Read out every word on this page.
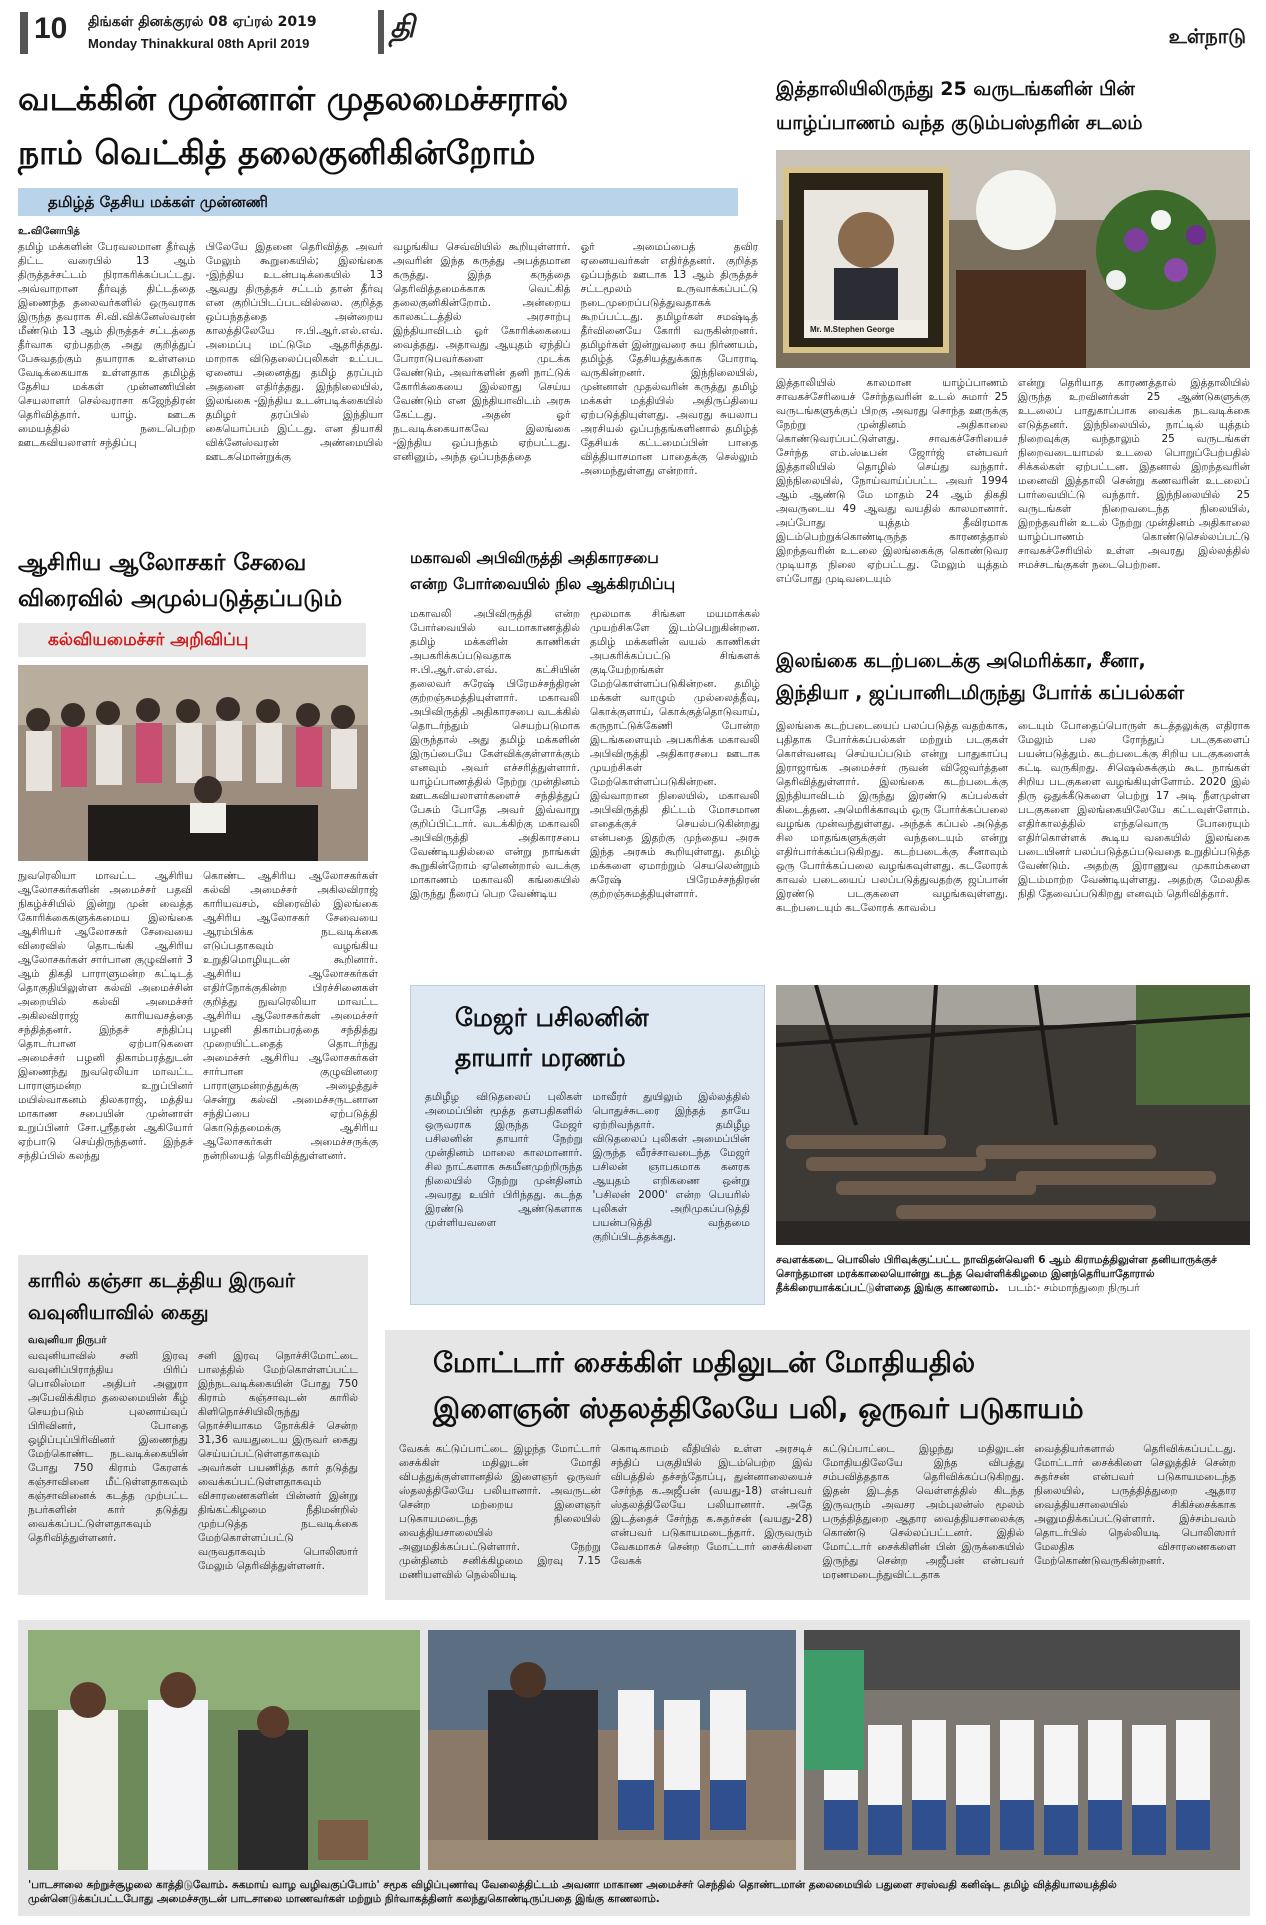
10 திங்கள் தினக்குரல் 08 ஏப்ரல் 2019
Monday Thinakkural 08th April 2019	தி	உள்நாடு
வடக்கின் முன்னாள் முதலமைச்சரால்
நாம் வெட்கித் தலைகுனிகின்றோம்
தமிழ்த் தேசிய மக்கள் முன்னணி
உ.வினோபித்
தமிழ் மக்களின் பேரவலமான தீர்வுத் திட்ட வரைபில் 13 ஆம் திருத்தச்சட்டம் நிராகரிக்கப்பட்டது. அவ்வாறான தீர்வுத் திட்டத்தை இணைந்த தலைவர்களில் ஒருவராக இருந்த தவராக சி.வி.விக்னேஸ்வரன் மீண்டும் 13 ஆம் திருத்தச் சட்டத்தை தீர்வாக ஏற்பதற்கு அது குறித்துப் பேசுவதற்கும் தயாராக உள்ளமை வேடிக்கையாக உள்ளதாக தமிழ்த் தேசிய மக்கள் முன்னணியின் செயலாளர் செல்வராசா கஜேந்திரன் தெரிவித்தார். யாழ். ஊடக மையத்தில் நடைபெற்ற ஊடகவியலாளர் சந்திப்பு
பிலேயே இதனை தெரிவித்த அவர் மேலும் கூறுகையில்; இலங்கை -இந்திய உடன்படிக்கையில் 13 ஆவது திருத்தச் சட்டம் தான் தீர்வு என குறிப்பிடப்படவில்லை. குறித்த ஒப்பந்தத்தை அன்றைய காலத்திலேயே ஈ.பி.ஆர்.எல்.எவ். அமைப்பு மட்டுமே ஆதரித்தது. மாறாக விடுதலைப்புலிகள் உட்பட ஏனைய அனைத்து தமிழ் தரப்பும் அதனை எதிர்த்தது. இந்நிலையில், இலங்கை -இந்திய உடன்படிக்கையில் தமிழர் தரப்பில் இந்தியா கையொப்பம் இட்டது. என தியாகி விக்னேஸ்வரன் அண்மையில் ஊடகமொன்றுக்கு
வழங்கிய செவ்வியில் கூறியுள்ளார். அவரின் இந்த கருத்து அபத்தமான கருத்து. இந்த கருத்தை தெரிவித்தமைக்காக வெட்கித் தலைகுனிகின்றோம். அன்றைய காலகட்டத்தில் அரசாற்பு இந்தியாவிடம் ஓர் கோரிக்கையை வைத்தது. அதாவது ஆயுதம் ஏந்திப் போராடுபவர்களை முடக்க வேண்டும், அவர்களின் தனி நாட்டுக் கோரிக்கையை இல்லாது செய்ய வேண்டும் என இந்தியாவிடம் அரசு கேட்டது. அதன் ஓர் நடவடிக்கையாகவே இலங்கை -இந்திய ஒப்பந்தம் ஏற்பட்டது. எனினும், அந்த ஒப்பந்தத்தை
ஓர் அமைப்பைத் தவிர ஏனையவர்கள் எதிர்த்தனர். குறித்த ஒப்பந்தம் ஊடாக 13 ஆம் திருத்தச் சட்டமூலம் உருவாக்கப்பட்டு நடைமுறைப்படுத்துவதாகக் கூறப்பட்டது. தமிழர்கள் சமஷ்டித் தீர்வினையே கோரி வருகின்றனர். தமிழர்கள் இன்றுவரை சுய நிர்ணயம், தமிழ்த் தேசியத்துக்காக போராடி வருகின்றனர். இந்நிலையில், முன்னாள் முதல்வரின் கருத்து தமிழ் மக்கள் மத்தியில் அதிருப்தியை ஏற்படுத்தியுள்ளது. அவரது சுயலாப அரசியல் ஒப்பந்தங்களினால் தமிழ்த் தேசியக் கட்டமைப்பின் பாதை வித்தியாசமான பாதைக்கு செல்லும் அமைந்துள்ளது என்றார்.
இத்தாலியிலிருந்து 25 வருடங்களின் பின்
யாழ்ப்பாணம் வந்த குடும்பஸ்தரின் சடலம்
Mr. M.Stephen George
இத்தாலியில் காலமான யாழ்ப்பாணம் சாவகச்சேரியைச் சேர்ந்தவரின் உடல் சுமார் 25 வருடங்களுக்குப் பிறகு அவரது சொந்த ஊருக்கு நேற்று முன்தினம் அதிகாலை கொண்டுவரப்பட்டுள்ளது. சாவகச்சேரியைச் சேர்ந்த எம்.ஸ்டீபன் ஜோர்ஜ் என்பவர் இத்தாலியில் தொழில் செய்து வந்தார். இந்நிலையில், நோய்வாய்ப்பட்ட அவர் 1994 ஆம் ஆண்டு மே மாதம் 24 ஆம் திகதி அவருடைய 49 ஆவது வயதில் காலமானார். அப்போது யுத்தம் தீவிரமாக இடம்பெற்றுக்கொண்டிருந்த காரணத்தால் இறந்தவரின் உடலை இலங்கைக்கு கொண்டுவர முடியாத நிலை ஏற்பட்டது. மேலும் யுத்தம் எப்போது முடிவடையும்
என்று தெரியாத காரணத்தால் இத்தாலியில் இருந்த உறவினர்கள் 25 ஆண்டுகளுக்கு உடலைப் பாதுகாப்பாக வைக்க நடவடிக்கை எடுத்தனர். இந்நிலையில், நாட்டில் யுத்தம் நிறைவுக்கு வந்தாலும் 25 வருடங்கள் நிறைவடையாமல் உடலை பொறுப்பேற்பதில் சிக்கல்கள் ஏற்பட்டன. இதனால் இறந்தவரின் மனைவி இத்தாலி சென்று கணவரின் உடலைப் பார்வையிட்டு வந்தார். இந்நிலையில் 25 வருடங்கள் நிறைவடைந்த நிலையில், இறந்தவரின் உடல் நேற்று முன்தினம் அதிகாலை யாழ்ப்பாணம் கொண்டுசெல்லப்பட்டு சாவகச்சேரியில் உள்ள அவரது இல்லத்தில் ஈமச்சடங்குகள் நடைபெற்றன.
ஆசிரிய ஆலோசகர் சேவை
விரைவில் அமுல்படுத்தப்படும்
கல்வியமைச்சர் அறிவிப்பு
நுவரெலியா மாவட்ட ஆசிரிய ஆலோசகர்களின் அமைச்சர் பதவி நிகழ்ச்சியில் இன்று முன் வைத்த கோரிக்கைகளுக்கமைய இலங்கை ஆசிரியர் ஆலோசகர் சேவையை விரைவில் தொடங்கி ஆசிரிய ஆலோசகர்கள் சார்பான குழுவினர் 3 ஆம் திகதி பாராளுமன்ற கட்டிடத் தொகுதியிலுள்ள கல்வி அமைச்சின் அறையில் கல்வி அமைச்சர் அகிலவிராஜ் காரியவசத்தை சந்தித்தனர். இந்தச் சந்திப்பு தொடர்பான ஏற்பாடுகளை அமைச்சர் பழனி திகாம்பரத்துடன் இணைந்து நுவரெலியா மாவட்ட பாராளுமன்ற உறுப்பினர் மயில்வாகனம் திலகராஜ், மத்திய மாகாண சபையின் முன்னாள் உறுப்பினர் சோ.ஸ்ரீதரன் ஆகியோர் ஏற்பாடு செய்திருந்தனர். இந்தச் சந்திப்பில் கலந்து
கொண்ட ஆசிரிய ஆலோசகர்கள் கல்வி அமைச்சர் அகிலவிராஜ் காரியவசம், விரைவில் இலங்கை ஆசிரிய ஆலோசகர் சேவையை ஆரம்பிக்க நடவடிக்கை எடுப்பதாகவும் வழங்கிய உறுதிமொழியுடன் கூறினார். ஆசிரிய ஆலோசகர்கள் எதிர்நோக்குகின்ற பிரச்சினைகள் குறித்து நுவரெலியா மாவட்ட ஆசிரிய ஆலோசகர்கள் அமைச்சர் பழனி திகாம்பரத்தை சந்தித்து முறையிட்டதைத் தொடர்ந்து அமைச்சர் ஆசிரிய ஆலோசகர்கள் சார்பான குழுவினரை பாராளுமன்றத்துக்கு அழைத்துச் சென்று கல்வி அமைச்சருடனான சந்திப்பை ஏற்படுத்தி கொடுத்தமைக்கு ஆசிரிய ஆலோசகர்கள் அமைச்சருக்கு நன்றியைத் தெரிவித்துள்ளனர்.
மகாவலி அபிவிருத்தி அதிகாரசபை
என்ற போர்வையில் நில ஆக்கிரமிப்பு
மகாவலி அபிவிருத்தி என்ற போர்வையில் வடமாகாணத்தில் தமிழ் மக்களின் காணிகள் அபகரிக்கப்படுவதாக ஈ.பி.ஆர்.எல்.எவ். கட்சியின் தலைவர் சுரேஷ் பிரேமச்சந்திரன் குற்றஞ்சுமத்தியுள்ளார். மகாவலி அபிவிருத்தி அதிகாரசபை வடக்கில் தொடர்ந்தும் செயற்படுமாக இருந்தால் அது தமிழ் மக்களின் இருப்பையே கேள்விக்குள்ளாக்கும் எனவும் அவர் எச்சரித்துள்ளார். யாழ்ப்பாணத்தில் நேற்று முன்தினம் ஊடகவியலாளர்களைச் சந்தித்துப் பேசும் போதே அவர் இவ்வாறு குறிப்பிட்டார். வடக்கிற்கு மகாவலி அபிவிருத்தி அதிகாரசபை வேண்டியதில்லை என்று நாங்கள் கூறுகின்றோம் ஏனென்றால் வடக்கு மாகாணம் மகாவலி கங்கையில் இருந்து நீரைப் பெற வேண்டிய
மூலமாக சிங்கள மயமாக்கல் முயற்சிகளே இடம்பெறுகின்றன. தமிழ் மக்களின் வயல் காணிகள் அபகரிக்கப்பட்டு சிங்களக் குடியேற்றங்கள் மேற்கொள்ளப்படுகின்றன. தமிழ் மக்கள் வாழும் முல்லைத்தீவு, கொக்குளாய், கொக்குத்தொடுவாய், கருநாட்டுக்கேணி போன்ற இடங்களையும் அபகரிக்க மகாவலி அபிவிருத்தி அதிகாரசபை ஊடாக முயற்சிகள் மேற்கொள்ளப்படுகின்றன. இவ்வாறான நிலையில், மகாவலி அபிவிருத்தி திட்டம் மோசமான எதைக்குச் செயல்படுகின்றது என்பதை இதற்கு முந்தைய அரசு இந்த அரசும் கூறியுள்ளது. தமிழ் மக்களை ஏமாற்றும் செயலென்றும் சுரேஷ் பிரேமச்சந்திரன் குற்றஞ்சுமத்தியுள்ளார்.
இலங்கை கடற்படைக்கு அமெரிக்கா, சீனா,
இந்தியா , ஜப்பானிடமிருந்து போர்க் கப்பல்கள்
இலங்கை கடற்படையைப் பலப்படுத்த வதற்காக, புதிதாக போர்க்கப்பல்கள் மற்றும் படகுகள் கொள்வனவு செய்யப்படும் என்று பாதுகாப்பு இராஜாங்க அமைச்சர் ருவன் விஜேவர்த்தன தெரிவித்துள்ளார். இலங்கை கடற்படைக்கு இந்தியாவிடம் இருந்து இரண்டு கப்பல்கள் கிடைத்தன. அமெரிக்காவும் ஒரு போர்க்கப்பலை வழங்க முன்வந்துள்ளது. அந்தக் கப்பல் அடுத்த சில மாதங்களுக்குள் வந்தடையும் என்று எதிர்பார்க்கப்படுகிறது. கடற்படைக்கு சீனாவும் ஒரு போர்க்கப்பலை வழங்கவுள்ளது. கடலோரக் காவல் படையைப் பலப்படுத்துவதற்கு ஜப்பான் இரண்டு படகுகளை வழங்கவுள்ளது. கடற்படையும் கடலோரக் காவல்ப
டையும் போதைப்பொருள் கடத்தலுக்கு எதிராக மேலும் பல ரோந்துப் படகுகளைப் பயன்படுத்தும். கடற்படைக்கு சிறிய படகுகளைக் கட்டி வருகிறது. சிஷெல்சுக்கும் கூட நாங்கள் சிறிய படகுகளை வழங்கியுள்ளோம். 2020 இல் திரு ஒதுக்கீடுகளை பெற்று 17 அடி நீளமுள்ள படகுகளை இலங்கையிலேயே கட்டவுள்ளோம். எதிர்காலத்தில் எந்தவொரு போரையும் எதிர்கொள்ளக் கூடிய வகையில் இலங்கை படையினர் பலப்படுத்தப்படுவதை உறுதிப்படுத்த வேண்டும். அதற்கு இராணுவ முகாம்களை இடம்மாற்ற வேண்டியுள்ளது. அதற்கு மேலதிக நிதி தேவைப்படுகிறது எனவும் தெரிவித்தார்.
மேஜர் பசிலனின்
தாயார் மரணம்
தமிழீழ விடுதலைப் புலிகள் அமைப்பின் மூத்த தளபதிகளில் ஒருவராக இருந்த மேஜர் பசிலனின் தாயார் நேற்று முன்தினம் மாலை காலமானார். சில நாட்களாக சுகயீனமுற்றிருந்த நிலையில் நேற்று முன்தினம் அவரது உயிர் பிரிந்தது. கடந்த இரண்டு ஆண்டுகளாக முள்ளியவளை
மாவீரர் துயிலும் இல்லத்தில் பொதுச்சுடரை இந்தத் தாயே ஏற்றிவந்தார். தமிழீழ விடுதலைப் புலிகள் அமைப்பின் இருந்த வீரச்சாவடைந்த மேஜர் பசிலன் ஞாபகமாக கனரக ஆயுதம் எறிகணை ஒன்று 'பசிலன் 2000' என்ற பெயரில் புலிகள் அறிமுகப்படுத்தி பயன்படுத்தி வந்தமை குறிப்பிடத்தக்கது.
சவளக்கடை பொலிஸ் பிரிவுக்குட்பட்ட நாவிதன்வெளி 6 ஆம் கிராமத்திலுள்ள தனியாருக்குச் சொந்தமான மரக்காலையொன்று கடந்த வெள்ளிக்கிழமை இனந்தெரியாதோரால் தீக்கிரையாக்கப்பட்டுள்ளதை இங்கு காணலாம். படம்:- சம்மாந்துறை நிருபர்
காரில் கஞ்சா கடத்திய இருவர்
வவுனியாவில் கைது
வவுனியா நிருபர்
வவுனியாவில் சனி இரவு வவுனிப்பிராந்திய பிரிப் பொலிஸ்மா அதிபர் அனுரா அபேவிக்கிரம தலைமையின் கீழ் செயற்படும் புலனாய்வுப் பிரிவினர், போதை ஒழிப்புப்பிரிவினர் இணைந்து மேற்கொண்ட நடவடிக்கையின் போது 750 கிராம் கேரளக் கஞ்சாவினை மீட்டுள்ளதாகவும் கஞ்சாவினைக் கடத்த முற்பட்ட நபர்களின் கார் தடுத்து வைக்கப்பட்டுள்ளதாகவும் தெரிவித்துள்ளனர்.
சனி இரவு நொச்சிமோட்டை பாலத்தில் மேற்கொள்ளப்பட்ட இந்நடவடிக்கையின் போது 750 கிராம் கஞ்சாவுடன் காரில் கிளிநொச்சியிலிருந்து நொச்சியாகம நோக்கிச் சென்ற 31,36 வயதுடைய இருவர் கைது செய்யப்பட்டுள்ளதாகவும் அவர்கள் பயணித்த கார் தடுத்து வைக்கப்பட்டுள்ளதாகவும் விசாரணைகளின் பின்னர் இன்று திங்கட்கிழமை நீதிமன்றில் முற்படுத்த நடவடிக்கை மேற்கொள்ளப்பட்டு வருவதாகவும் பொலிஸார் மேலும் தெரிவித்துள்ளனர்.
மோட்டார் சைக்கிள் மதிலுடன் மோதியதில்
இளைஞன் ஸ்தலத்திலேயே பலி, ஒருவர் படுகாயம்
வேகக் கட்டுப்பாட்டை இழந்த மோட்டார் சைக்கிள் மதிலுடன் மோதி விபத்துக்குள்ளானதில் இளைஞர் ஒருவர் ஸ்தலத்திலேயே பலியானார். அவருடன் சென்ற மற்றைய இளைஞர் படுகாயமடைந்த நிலையில் வைத்தியசாலையில் அனுமதிக்கப்பட்டுள்ளார். நேற்று முன்தினம் சனிக்கிழமை இரவு 7.15 மணியளவில் நெல்லியடி
கொடிகாமம் வீதியில் உள்ள அரசடிச் சந்திப் பகுதியில் இடம்பெற்ற இவ் விபத்தில் தச்சந்தோப்பு, துன்னாலையைச் சேர்ந்த க.அஜீபன் (வயது-18) என்பவர் ஸ்தலத்திலேயே பலியானார். அதே இடத்தைச் சேர்ந்த க.சுதர்சன் (வயது-28) என்பவர் படுகாயமடைந்தார். இருவரும் வேகமாகச் சென்ற மோட்டார் சைக்கிளை வேகக்
கட்டுப்பாட்டை இழந்து மதிலுடன் மோதியதிலேயே இந்த விபத்து சம்பவித்ததாக தெரிவிக்கப்படுகிறது. இதன் இடத்த வெள்ளத்தில் கிடந்த இருவரும் அவசர அம்புலன்ஸ் மூலம் பருத்தித்துறை ஆதார வைத்தியசாலைக்கு கொண்டு செல்லப்பட்டனர். இதில் மோட்டார் சைக்கிளின் பின் இருக்கையில் இருந்து சென்ற அஜீபன் என்பவர் மரணமடைந்துவிட்டதாக
வைத்தியர்களால் தெரிவிக்கப்பட்டது. மோட்டார் சைக்கிளை செலுத்திச் சென்ற சுதர்சன் என்பவர் படுகாயமடைந்த நிலையில், பருத்தித்துறை ஆதார வைத்தியசாலையில் சிகிச்சைக்காக அனுமதிக்கப்பட்டுள்ளார். இச்சம்பவம் தொடர்பில் நெல்லியடி பொலிஸார் மேலதிக விசாரணைகளை மேற்கொண்டுவருகின்றனர்.
'பாடசாலை சுற்றுச்சூழலை காத்திடுவோம். சுகமாய் வாழ வழிவகுப்போம்' சமூக விழிப்புணர்வு வேலைத்திட்டம் அவனா மாகாண அமைச்சர் செந்தில் தொண்டமான் தலைமையில் பதுளை சரஸ்வதி கனிஷ்ட தமிழ் வித்தியாலயத்தில் முன்னெடுக்கப்பட்டபோது அமைச்சருடன் பாடசாலை மாணவர்கள் மற்றும் நிர்வாகத்தினர் கலந்துகொண்டிருப்பதை இங்கு காணலாம்.
